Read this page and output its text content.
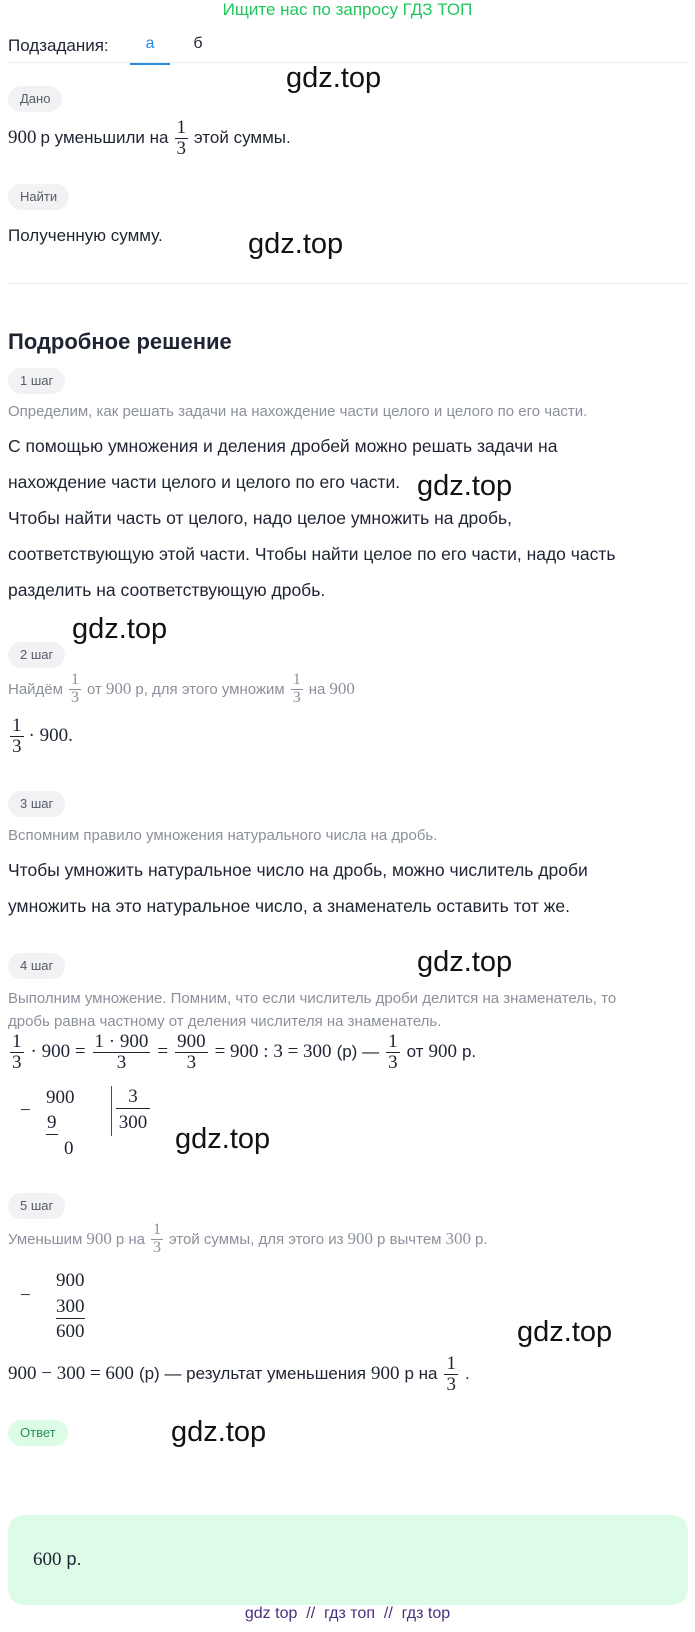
Ищите нас по запросу ГДЗ ТОП
Подзадания:	а	б
gdz.top
Дано
900 р уменьшили на $\frac{1}{3}$ этой суммы.
Найти
Полученную сумму.	gdz.top
Подробное решение
1 шаг
Определим, как решать задачи на нахождение части целого и целого по его части.
С помощью умножения и деления дробей можно решать задачи на
нахождение части целого и целого по его части.
Чтобы найти часть от целого, надо целое умножить на дробь,
соответствующую этой части. Чтобы найти целое по его части, надо часть
разделить на соответствующую дробь.
gdz.top
gdz.top
2 шаг
Найдём $\frac{1}{3}$ от 900 р, для этого умножим $\frac{1}{3}$ на 900
$\frac{1}{3} \cdot 900$.
3 шаг
Вспомним правило умножения натурального числа на дробь.
Чтобы умножить натуральное число на дробь, можно числитель дроби
умножить на это натуральное число, а знаменатель оставить тот же.
4 шаг	gdz.top
Выполним умножение. Помним, что если числитель дроби делится на знаменатель, то
дробь равна частному от деления числителя на знаменатель.
$\frac{1}{3} \cdot 900 = \frac{1 \cdot 900}{3} = \frac{900}{3} = 900$ : 3 = 300 (р) — $\frac{1}{3}$ от 900 р.
−
900
9
0
3
300
gdz.top
5 шаг
Уменьшим 900 р на $\frac{1}{3}$ этой суммы, для этого из 900 р вычтем 300 р.
−
900
300
600	gdz.top
900 − 300 = 600 (р) — результат уменьшения 900 р на $\frac{1}{3}$ .
Ответ	gdz.top
600 р.
gdz top  //  гдз топ  //  гдз top
